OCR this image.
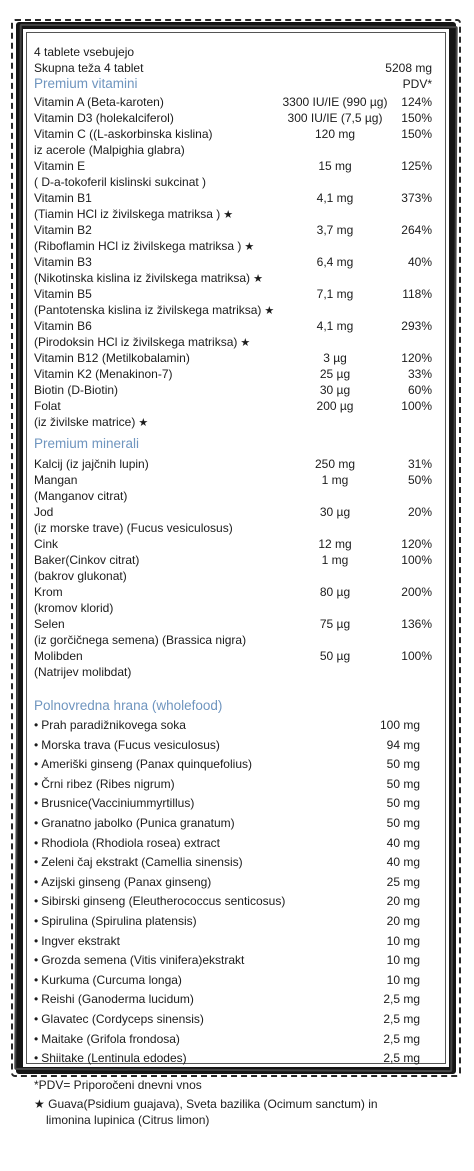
4 tablete vsebujejo
Skupna teža 4 tablet	5208 mg
Premium vitamini	PDV*
Vitamin A (Beta-karoten)	3300 IU/IE (990 µg)	124%
Vitamin D3 (holekalciferol)	300 IU/IE (7,5 µg)	150%
Vitamin C ((L-askorbinska kislina)	120 mg	150%
iz acerole (Malpighia glabra)
Vitamin E	15 mg	125%
( D-a-tokoferil kislinski sukcinat )
Vitamin B1	4,1 mg	373%
(Tiamin HCl iz živilskega matriksa ) ★
Vitamin B2	3,7 mg	264%
(Riboflamin HCl iz živilskega matriksa ) ★
Vitamin B3	6,4 mg	40%
(Nikotinska kislina iz živilskega matriksa) ★
Vitamin B5	7,1 mg	118%
(Pantotenska kislina iz živilskega matriksa) ★
Vitamin B6	4,1 mg	293%
(Pirodoksin HCl iz živilskega matriksa) ★
Vitamin B12 (Metilkobalamin)	3 µg	120%
Vitamin K2 (Menakinon-7)	25 µg	33%
Biotin (D-Biotin)	30 µg	60%
Folat	200 µg	100%
(iz živilske matrice) ★
Premium minerali
Kalcij (iz jajčnih lupin)	250 mg	31%
Mangan	1 mg	50%
(Manganov citrat)
Jod	30 µg	20%
(iz morske trave) (Fucus vesiculosus)
Cink	12 mg	120%
Baker(Cinkov citrat)	1 mg	100%
(bakrov glukonat)
Krom	80 µg	200%
(kromov klorid)
Selen	75 µg	136%
(iz gorčičnega semena) (Brassica nigra)
Molibden	50 µg	100%
(Natrijev molibdat)
Polnovredna hrana (wholefood)
• Prah paradižnikovega soka	100 mg
• Morska trava (Fucus vesiculosus)	94 mg
• Ameriški ginseng (Panax quinquefolius)	50 mg
• Črni ribez (Ribes nigrum)	50 mg
• Brusnice(Vacciniummyrtillus)	50 mg
• Granatno jabolko (Punica granatum)	50 mg
• Rhodiola (Rhodiola rosea) extract	40 mg
• Zeleni čaj ekstrakt (Camellia sinensis)	40 mg
• Azijski ginseng (Panax ginseng)	25 mg
• Sibirski ginseng (Eleutherococcus senticosus)	20 mg
• Spirulina (Spirulina platensis)	20 mg
• Ingver ekstrakt	10 mg
• Grozda semena (Vitis vinifera)ekstrakt	10 mg
• Kurkuma (Curcuma longa)	10 mg
• Reishi (Ganoderma lucidum)	2,5 mg
• Glavatec (Cordyceps sinensis)	2,5 mg
• Maitake (Grifola frondosa)	2,5 mg
• Shiitake (Lentinula edodes)	2,5 mg
*PDV= Priporočeni dnevni vnos
★ Guava(Psidium guajava), Sveta bazilika (Ocimum sanctum) in
limonina lupinica (Citrus limon)
